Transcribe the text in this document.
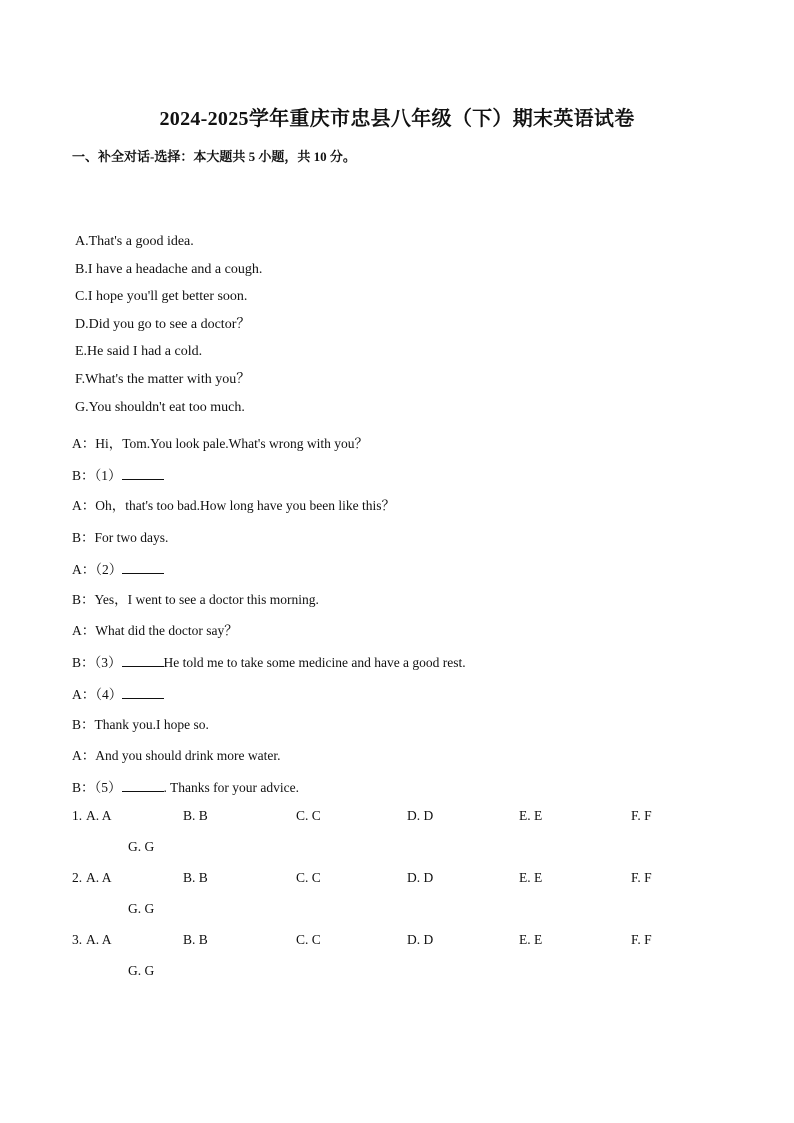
2024-2025学年重庆市忠县八年级（下）期末英语试卷
一、补全对话-选择：本大题共 5 小题，共 10 分。
A.That's a good idea.
B.I have a headache and a cough.
C.I hope you'll get better soon.
D.Did you go to see a doctor？
E.He said I had a cold.
F.What's the matter with you？
G.You shouldn't eat too much.
A：Hi，Tom.You look pale.What's wrong with you？
B：（1）
A：Oh，that's too bad.How long have you been like this？
B：For two days.
A：（2）
B：Yes，I went to see a doctor this morning.
A：What did the doctor say？
B：（3）	He told me to take some medicine and have a good rest.
A：（4）
B：Thank you.I hope so.
A：And you should drink more water.
B：（5）	. Thanks for your advice.
1. A. A	B. B	C. C	D. D	E. E	F. F
G. G
2. A. A	B. B	C. C	D. D	E. E	F. F
G. G
3. A. A	B. B	C. C	D. D	E. E	F. F
G. G
